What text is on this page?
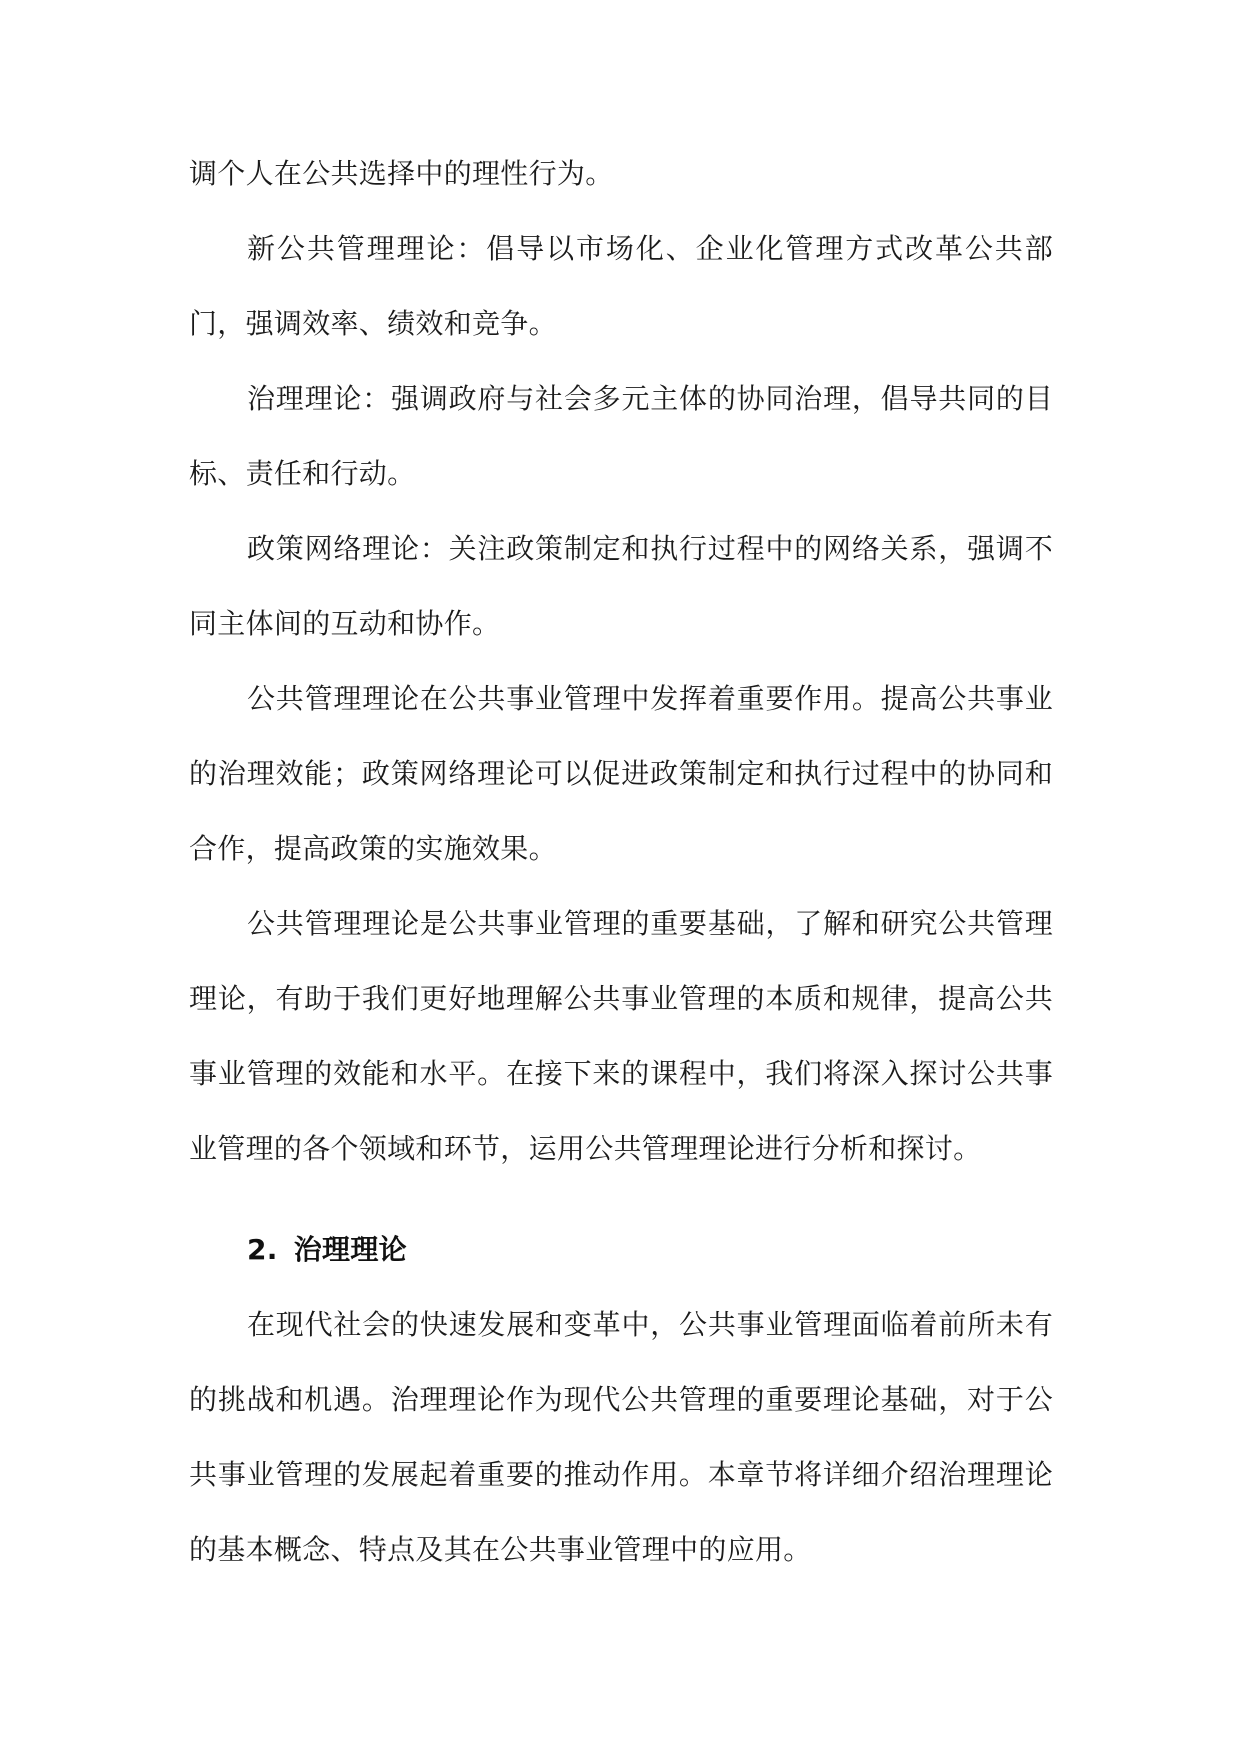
调个人在公共选择中的理性行为。

新公共管理理论：倡导以市场化、企业化管理方式改革公共部门，强调效率、绩效和竞争。

治理理论：强调政府与社会多元主体的协同治理，倡导共同的目标、责任和行动。

政策网络理论：关注政策制定和执行过程中的网络关系，强调不同主体间的互动和协作。

公共管理理论在公共事业管理中发挥着重要作用。提高公共事业的治理效能；政策网络理论可以促进政策制定和执行过程中的协同和合作，提高政策的实施效果。

公共管理理论是公共事业管理的重要基础，了解和研究公共管理理论，有助于我们更好地理解公共事业管理的本质和规律，提高公共事业管理的效能和水平。在接下来的课程中，我们将深入探讨公共事业管理的各个领域和环节，运用公共管理理论进行分析和探讨。

2. 治理理论

在现代社会的快速发展和变革中，公共事业管理面临着前所未有的挑战和机遇。治理理论作为现代公共管理的重要理论基础，对于公共事业管理的发展起着重要的推动作用。本章节将详细介绍治理理论的基本概念、特点及其在公共事业管理中的应用。
